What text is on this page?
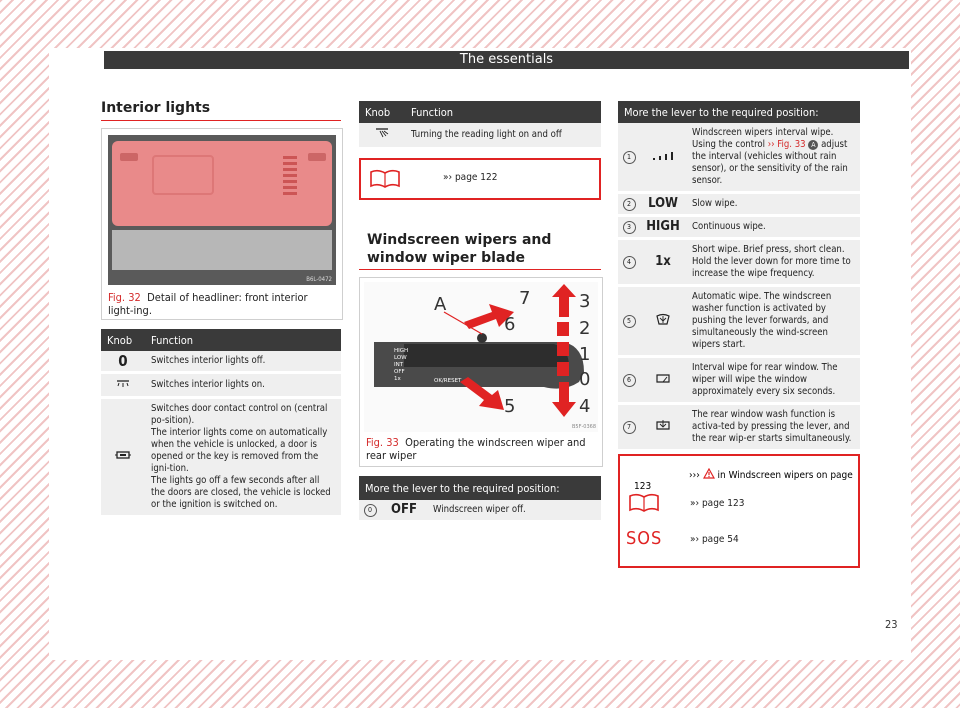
The essentials
Interior lights
B6L-0472
Fig. 32 Detail of headliner: front interior light-ing.
Knob	Function
0	Switches interior lights off.
	Switches interior lights on.
	Switches door contact control on (central po-sition).
The interior lights come on automatically when the vehicle is unlocked, a door is opened or the key is removed from the igni-tion.
The lights go off a few seconds after all the doors are closed, the vehicle is locked or the ignition is switched on.
Knob	Function
	Turning the reading light on and off
»› page 122
Windscreen wipers and window wiper blade
A	7
6
3
2
1
0
5	4
HIGH
LOW
INT
OFF
1x	OK/RESET
B5F-0368
Fig. 33 Operating the windscreen wiper and rear wiper
More the lever to the required position:
0	OFF	Windscreen wiper off.
More the lever to the required position:		
1		Windscreen wipers interval wipe. Using the control ›› Fig. 33 A adjust the interval (vehicles without rain sensor), or the sensitivity of the rain sensor.
2	LOW	Slow wipe.
3	HIGH	Continuous wipe.
4	1x	Short wipe. Brief press, short clean. Hold the lever down for more time to increase the wipe frequency.
5		Automatic wipe. The windscreen washer function is activated by pushing the lever forwards, and simultaneously the wind-screen wipers start.
6		Interval wipe for rear window. The wiper will wipe the window approximately every six seconds.
7		The rear window wash function is activa-ted by pressing the lever, and the rear wip-er starts simultaneously.
››› in Windscreen wipers on page 123
»› page 123
SOS	»› page 54
23
